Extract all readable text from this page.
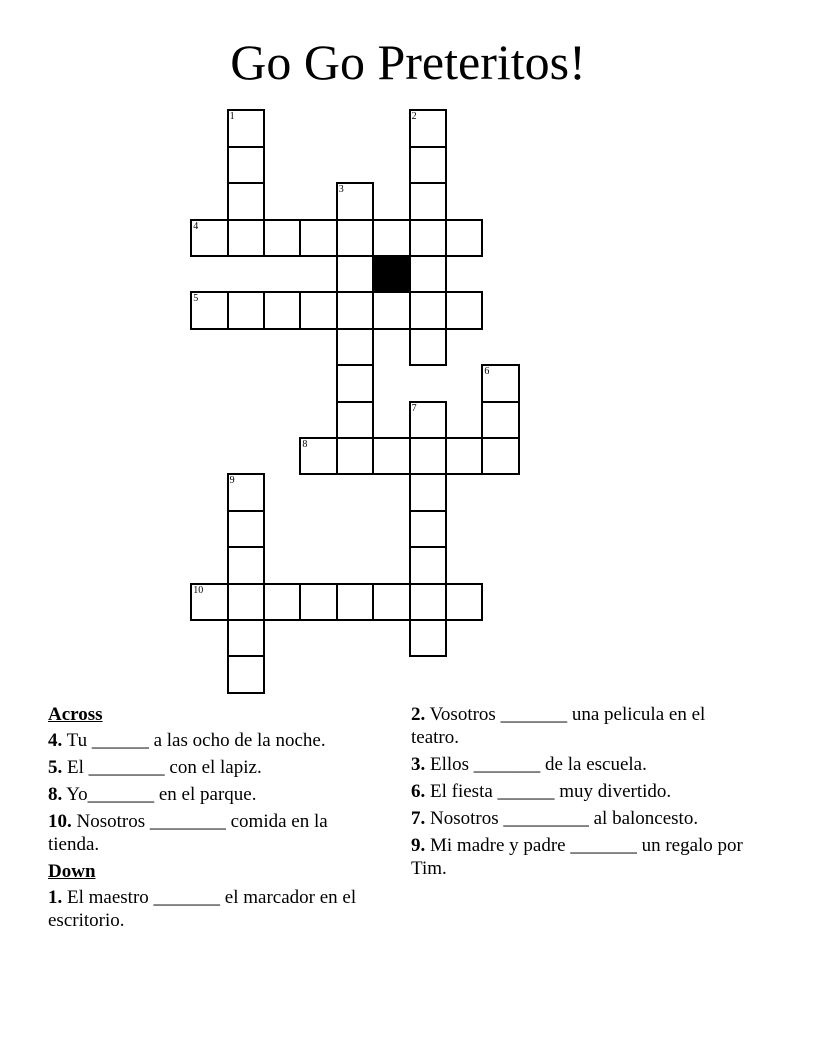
Go Go Preteritos!
1	2
3
4
5
6
7
8
9
10
Across
4. Tu ______ a las ocho de la noche.
5. El ________ con el lapiz.
8. Yo_______ en el parque.
10. Nosotros ________ comida en la tienda.
Down
1. El maestro _______ el marcador en el escritorio.
2. Vosotros _______ una pelicula en el teatro.
3. Ellos _______ de la escuela.
6. El fiesta ______ muy divertido.
7. Nosotros _________ al baloncesto.
9. Mi madre y padre _______ un regalo por Tim.
